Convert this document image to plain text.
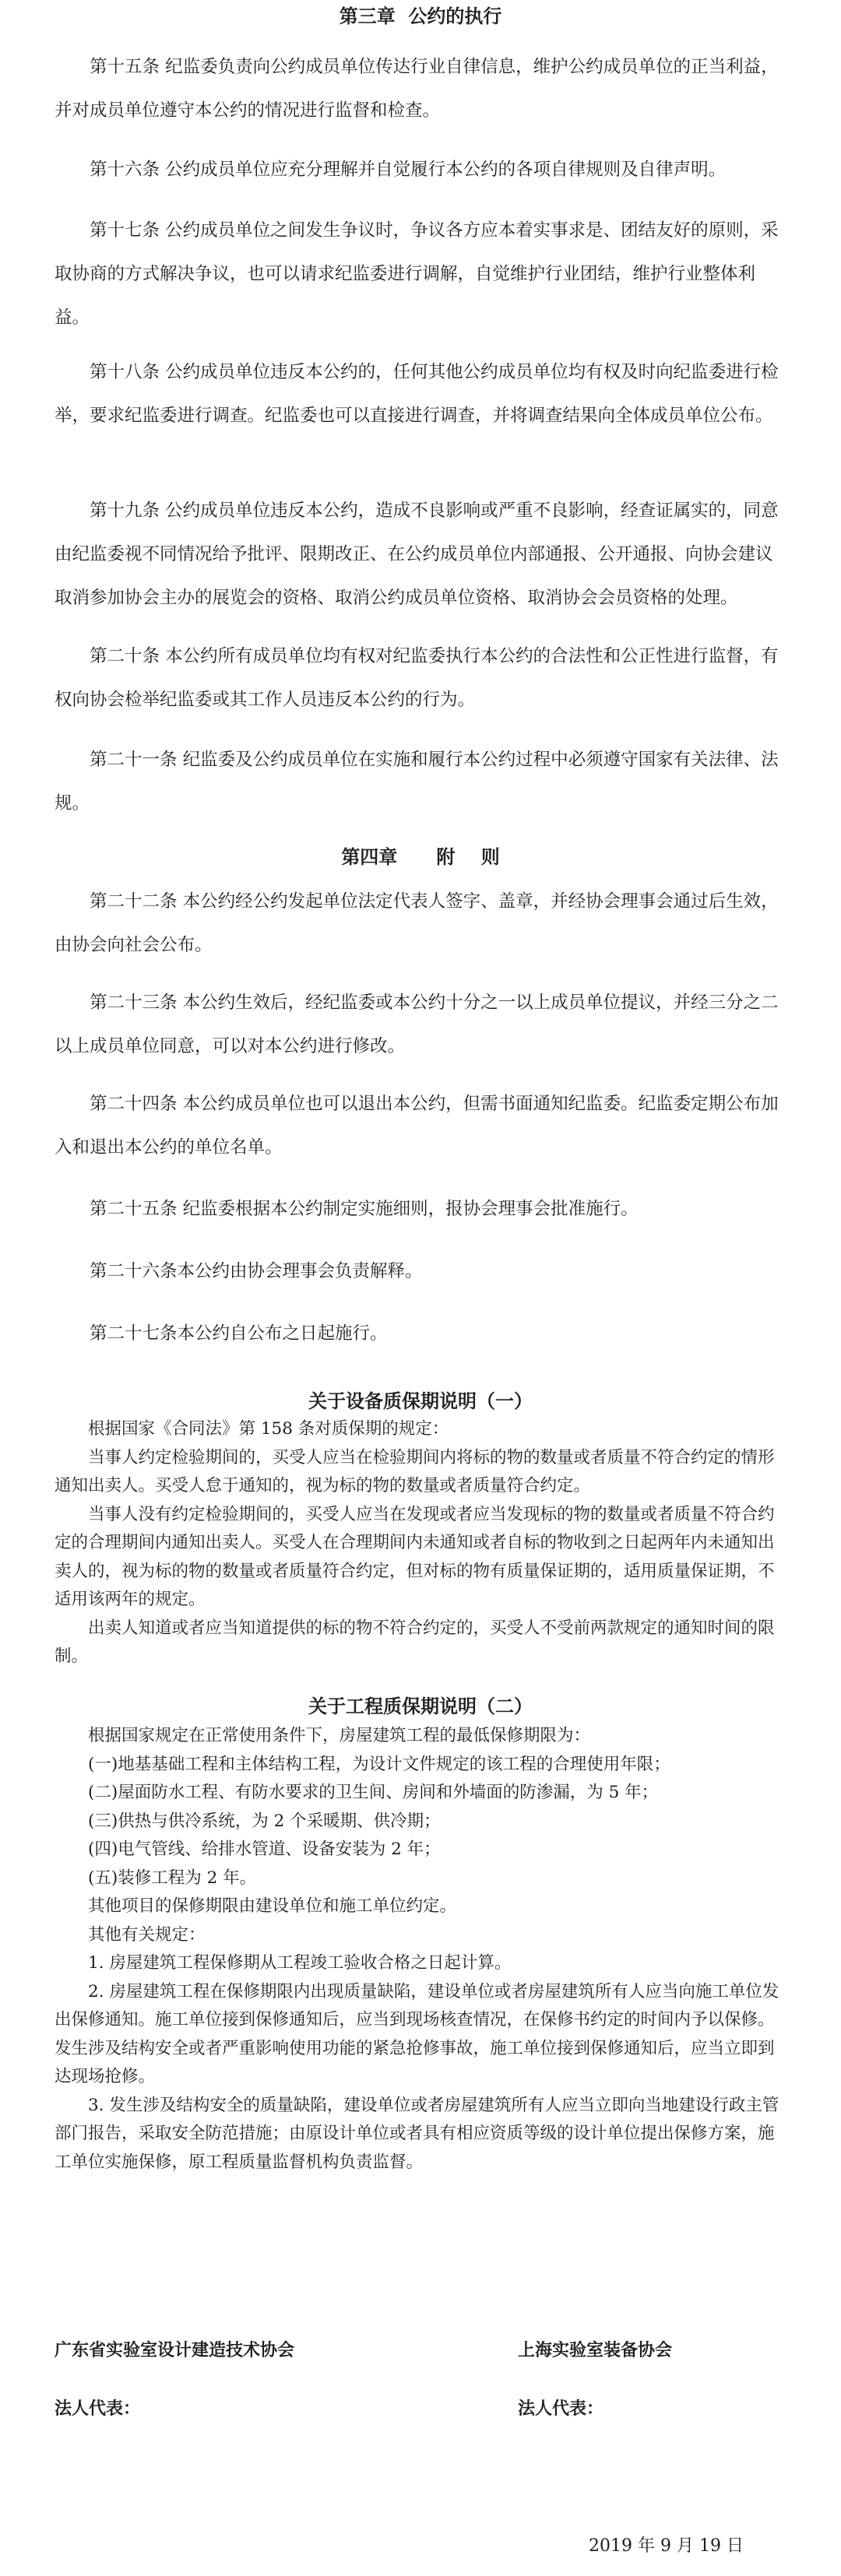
第三章  公约的执行
第十五条 纪监委负责向公约成员单位传达行业自律信息，维护公约成员单位的正当利益，并对成员单位遵守本公约的情况进行监督和检查。
第十六条 公约成员单位应充分理解并自觉履行本公约的各项自律规则及自律声明。
第十七条 公约成员单位之间发生争议时，争议各方应本着实事求是、团结友好的原则，采取协商的方式解决争议，也可以请求纪监委进行调解，自觉维护行业团结，维护行业整体利益。
第十八条 公约成员单位违反本公约的，任何其他公约成员单位均有权及时向纪监委进行检举，要求纪监委进行调查。纪监委也可以直接进行调查，并将调查结果向全体成员单位公布。
第十九条 公约成员单位违反本公约，造成不良影响或严重不良影响，经查证属实的，同意由纪监委视不同情况给予批评、限期改正、在公约成员单位内部通报、公开通报、向协会建议取消参加协会主办的展览会的资格、取消公约成员单位资格、取消协会会员资格的处理。
第二十条 本公约所有成员单位均有权对纪监委执行本公约的合法性和公正性进行监督，有权向协会检举纪监委或其工作人员违反本公约的行为。
第二十一条 纪监委及公约成员单位在实施和履行本公约过程中必须遵守国家有关法律、法规。
第四章      附    则
第二十二条 本公约经公约发起单位法定代表人签字、盖章，并经协会理事会通过后生效，由协会向社会公布。
第二十三条 本公约生效后，经纪监委或本公约十分之一以上成员单位提议，并经三分之二以上成员单位同意，可以对本公约进行修改。
第二十四条 本公约成员单位也可以退出本公约，但需书面通知纪监委。纪监委定期公布加入和退出本公约的单位名单。
第二十五条 纪监委根据本公约制定实施细则，报协会理事会批准施行。
第二十六条本公约由协会理事会负责解释。
第二十七条本公约自公布之日起施行。
关于设备质保期说明（一）

根据国家《合同法》第 158 条对质保期的规定：

当事人约定检验期间的，买受人应当在检验期间内将标的物的数量或者质量不符合约定的情形通知出卖人。买受人怠于通知的，视为标的物的数量或者质量符合约定。

当事人没有约定检验期间的，买受人应当在发现或者应当发现标的物的数量或者质量不符合约定的合理期间内通知出卖人。买受人在合理期间内未通知或者自标的物收到之日起两年内未通知出卖人的，视为标的物的数量或者质量符合约定，但对标的物有质量保证期的，适用质量保证期，不适用该两年的规定。

出卖人知道或者应当知道提供的标的物不符合约定的，买受人不受前两款规定的通知时间的限制。

关于工程质保期说明（二）

根据国家规定在正常使用条件下，房屋建筑工程的最低保修期限为：

(一)地基基础工程和主体结构工程，为设计文件规定的该工程的合理使用年限；

(二)屋面防水工程、有防水要求的卫生间、房间和外墙面的防渗漏，为 5 年；

(三)供热与供冷系统，为 2 个采暖期、供冷期；

(四)电气管线、给排水管道、设备安装为 2 年；

(五)装修工程为 2 年。

其他项目的保修期限由建设单位和施工单位约定。

其他有关规定：

1. 房屋建筑工程保修期从工程竣工验收合格之日起计算。

2. 房屋建筑工程在保修期限内出现质量缺陷，建设单位或者房屋建筑所有人应当向施工单位发出保修通知。施工单位接到保修通知后，应当到现场核查情况，在保修书约定的时间内予以保修。发生涉及结构安全或者严重影响使用功能的紧急抢修事故，施工单位接到保修通知后，应当立即到达现场抢修。

3. 发生涉及结构安全的质量缺陷，建设单位或者房屋建筑所有人应当立即向当地建设行政主管部门报告，采取安全防范措施；由原设计单位或者具有相应资质等级的设计单位提出保修方案，施工单位实施保修，原工程质量监督机构负责监督。

广东省实验室设计建造技术协会	上海实验室装备协会
法人代表：	法人代表：
2019 年 9 月 19 日
